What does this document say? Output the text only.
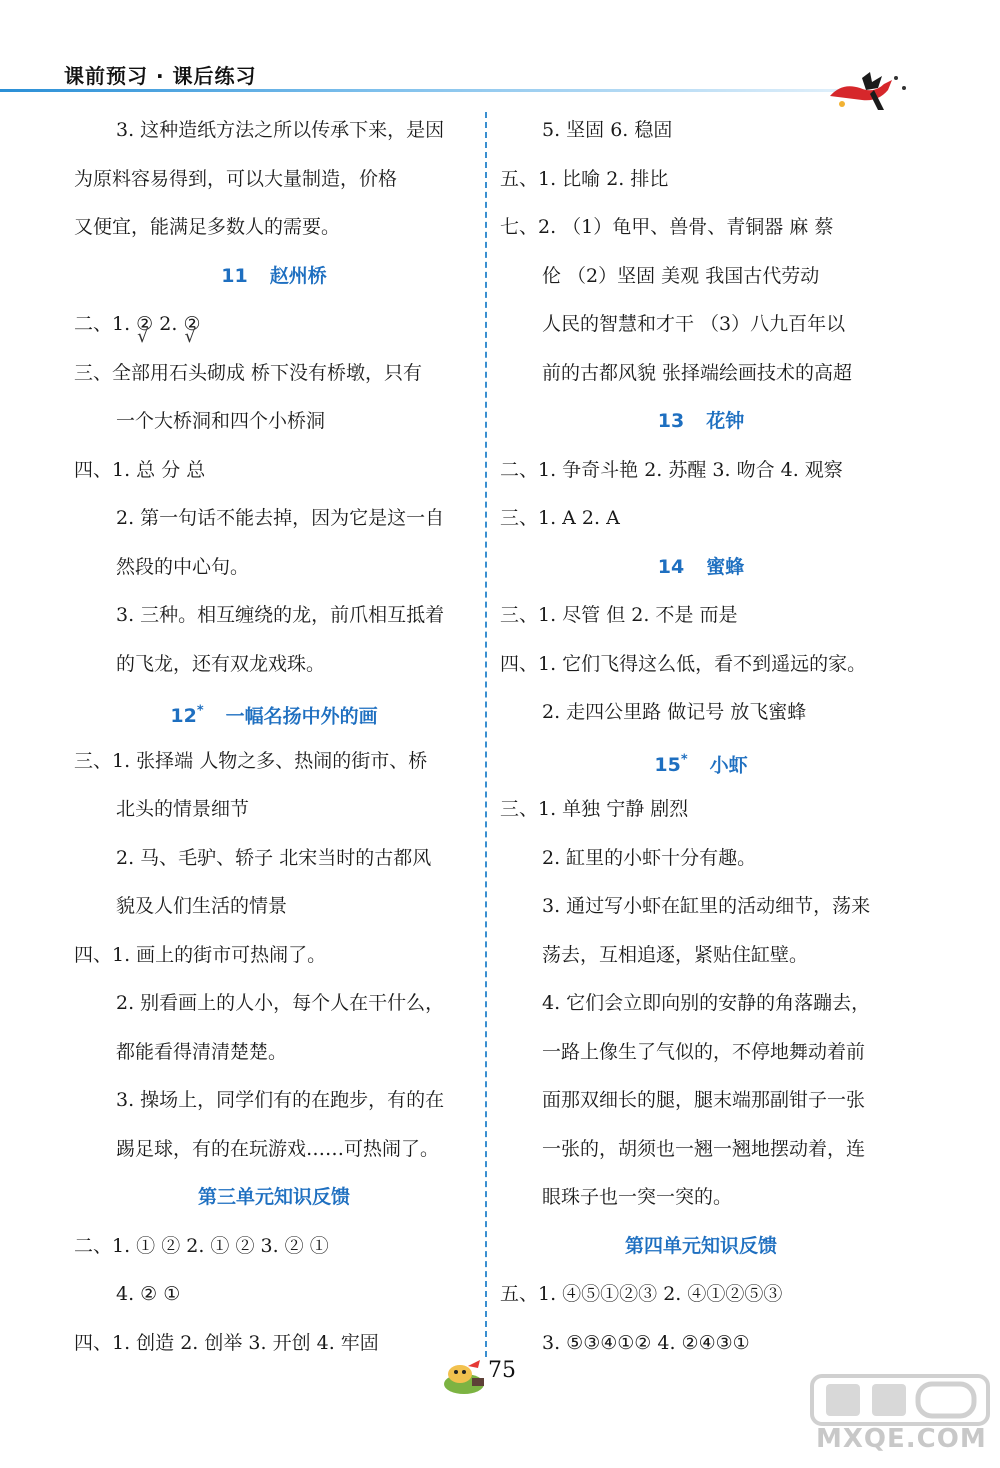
课前预习 · 课后练习
3. 这种造纸方法之所以传承下来，是因
为原料容易得到，可以大量制造，价格
又便宜，能满足多数人的需要。
11 赵州桥
二、1. ② √ 2. ② √
三、全部用石头砌成 桥下没有桥墩，只有
一个大桥洞和四个小桥洞
四、1. 总 分 总
2. 第一句话不能去掉，因为它是这一自
然段的中心句。
3. 三种。相互缠绕的龙，前爪相互抵着
的飞龙，还有双龙戏珠。
12* 一幅名扬中外的画
三、1. 张择端 人物之多、热闹的街市、桥
北头的情景细节
2. 马、毛驴、轿子 北宋当时的古都风
貌及人们生活的情景
四、1. 画上的街市可热闹了。
2. 别看画上的人小，每个人在干什么，
都能看得清清楚楚。
3. 操场上，同学们有的在跑步，有的在
踢足球，有的在玩游戏……可热闹了。
第三单元知识反馈
二、1. ① ② 2. ① ② 3. ② ①
4. ② ①
四、1. 创造 2. 创举 3. 开创 4. 牢固
5. 坚固 6. 稳固
五、1. 比喻 2. 排比
七、2. （1）龟甲、兽骨、青铜器 麻 蔡
伦 （2）坚固 美观 我国古代劳动
人民的智慧和才干 （3）八九百年以
前的古都风貌 张择端绘画技术的高超
13 花钟
二、1. 争奇斗艳 2. 苏醒 3. 吻合 4. 观察
三、1. A 2. A
14 蜜蜂
三、1. 尽管 但 2. 不是 而是
四、1. 它们飞得这么低，看不到遥远的家。
2. 走四公里路 做记号 放飞蜜蜂
15* 小虾
三、1. 单独 宁静 剧烈
2. 缸里的小虾十分有趣。
3. 通过写小虾在缸里的活动细节，荡来
荡去，互相追逐，紧贴住缸壁。
4. 它们会立即向别的安静的角落蹦去，
一路上像生了气似的，不停地舞动着前
面那双细长的腿，腿末端那副钳子一张
一张的，胡须也一翘一翘地摆动着，连
眼珠子也一突一突的。
第四单元知识反馈
五、1. ④⑤①②③ 2. ④①②⑤③
3. ⑤③④①② 4. ②④③①
75
MXQE.COM
